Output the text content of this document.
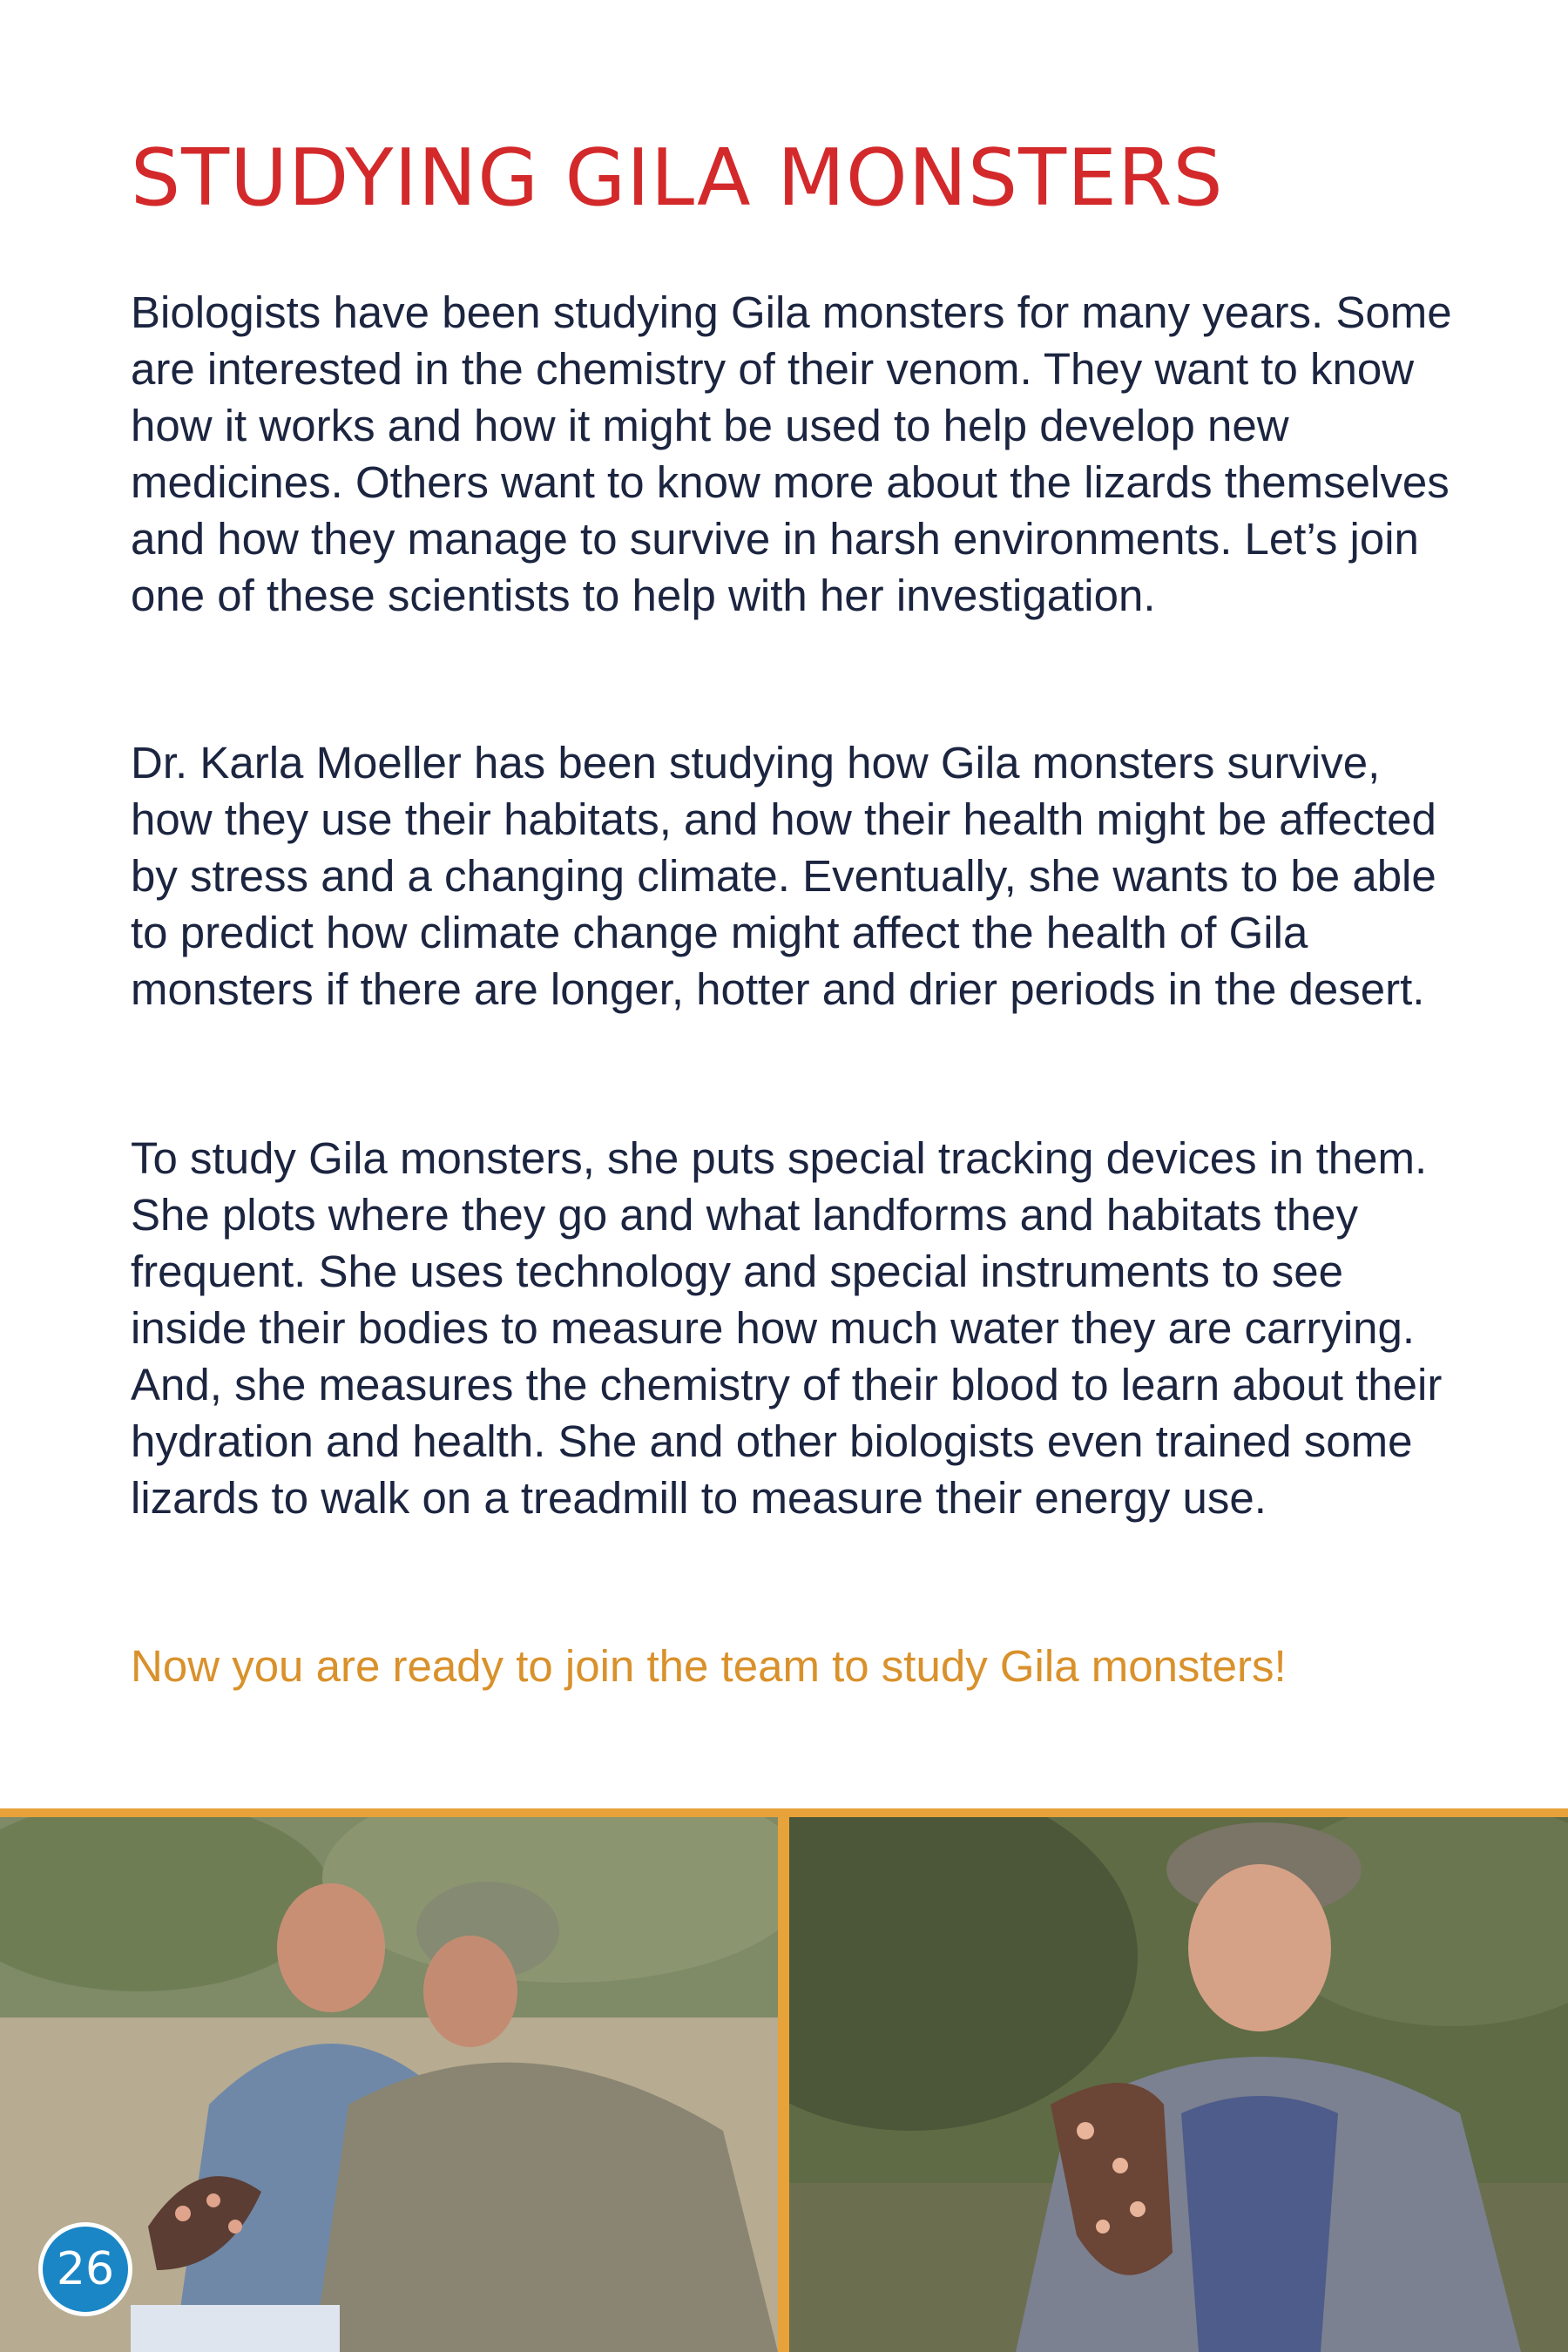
STUDYING GILA MONSTERS

Biologists have been studying Gila monsters for many years. Some are interested in the chemistry of their venom. They want to know how it works and how it might be used to help develop new medicines. Others want to know more about the lizards themselves and how they manage to survive in harsh environments. Let’s join one of these scientists to help with her investigation.

Dr. Karla Moeller has been studying how Gila monsters survive, how they use their habitats, and how their health might be affected by stress and a changing climate. Eventually, she wants to be able to predict how climate change might affect the health of Gila monsters if there are longer, hotter and drier periods in the desert.

To study Gila monsters, she puts special tracking devices in them. She plots where they go and what landforms and habitats they frequent. She uses technology and special instruments to see inside their bodies to measure how much water they are carrying. And, she measures the chemistry of their blood to learn about their hydration and health. She and other biologists even trained some lizards to walk on a treadmill to measure their energy use.

Now you are ready to join the team to study Gila monsters!

26
